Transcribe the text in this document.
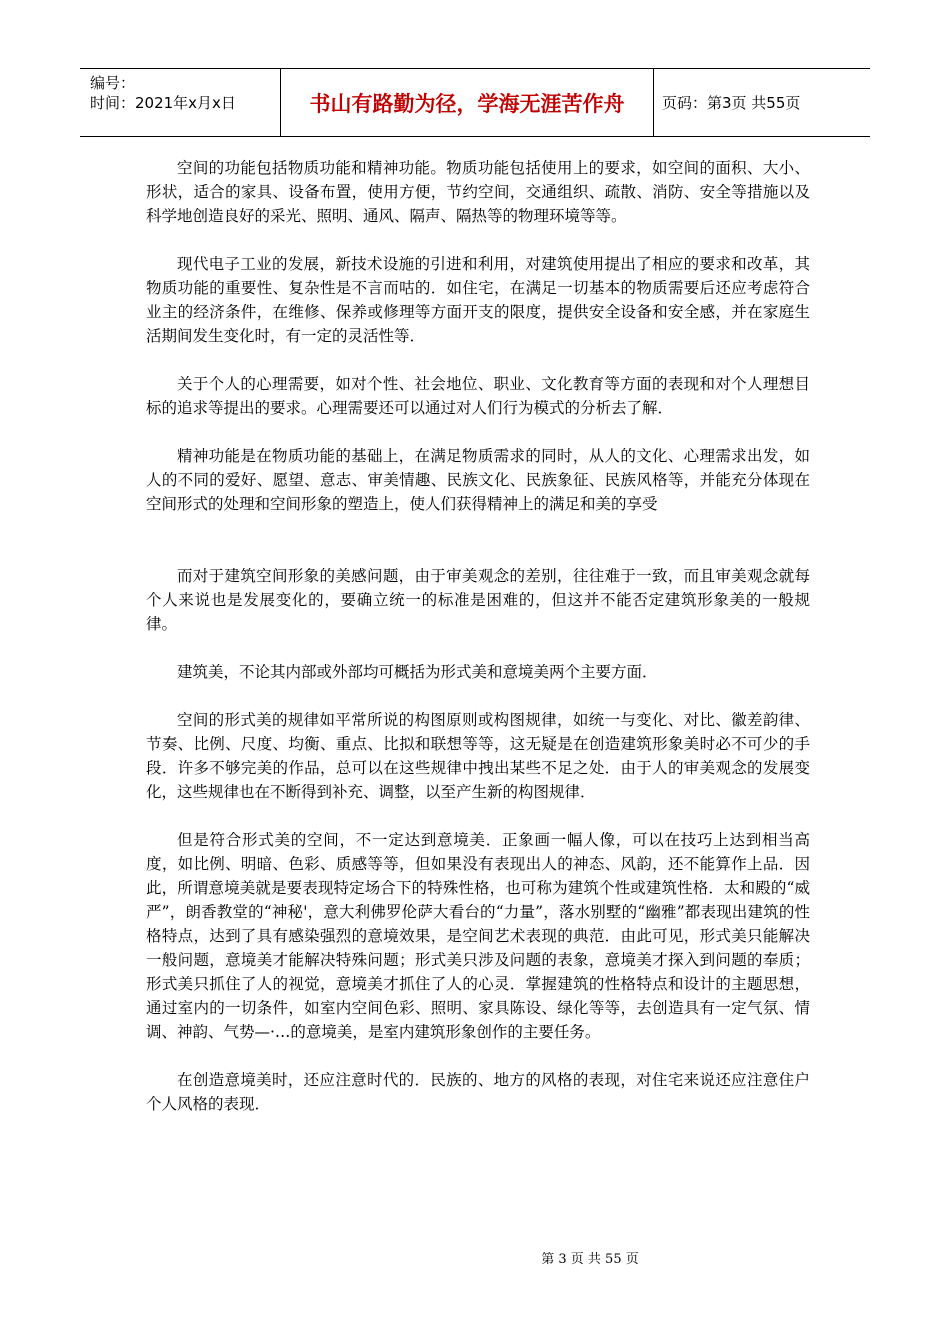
编号：
时间：2021年x月x日	书山有路勤为径，学海无涯苦作舟	页码：第3页 共55页

空间的功能包括物质功能和精神功能。物质功能包括使用上的要求，如空间的面积、大小、形状，适合的家具、设备布置，使用方便，节约空间，交通组织、疏散、消防、安全等措施以及科学地创造良好的采光、照明、通风、隔声、隔热等的物理环境等等。

现代电子工业的发展，新技术设施的引进和利用，对建筑使用提出了相应的要求和改革，其物质功能的重要性、复杂性是不言而咕的．如住宅，在满足一切基本的物质需要后还应考虑符合业主的经济条件，在维修、保养或修理等方面开支的限度，提供安全设备和安全感，并在家庭生活期间发生变化时，有一定的灵活性等．

关于个人的心理需要，如对个性、社会地位、职业、文化教育等方面的表现和对个人理想目标的追求等提出的要求。心理需要还可以通过对人们行为模式的分析去了解．

精神功能是在物质功能的基础上，在满足物质需求的同时，从人的文化、心理需求出发，如人的不同的爱好、愿望、意志、审美情趣、民族文化、民族象征、民族风格等，并能充分体现在空间形式的处理和空间形象的塑造上，使人们获得精神上的满足和美的享受

而对于建筑空间形象的美感问题，由于审美观念的差别，往往难于一致，而且审美观念就每个人来说也是发展变化的，要确立统一的标准是困难的，但这并不能否定建筑形象美的一般规律。

建筑美，不论其内部或外部均可概括为形式美和意境美两个主要方面．

空间的形式美的规律如平常所说的构图原则或构图规律，如统一与变化、对比、徽差韵律、节奏、比例、尺度、均衡、重点、比拟和联想等等，这无疑是在创造建筑形象美时必不可少的手段．许多不够完美的作品，总可以在这些规律中拽出某些不足之处．由于人的审美观念的发展变化，这些规律也在不断得到补充、调整，以至产生新的构图规律．

但是符合形式美的空间，不一定达到意境美．正象画一幅人像，可以在技巧上达到相当高度，如比例、明暗、色彩、质感等等，但如果没有表现出人的神态、风韵，还不能算作上品．因此，所谓意境美就是要表现特定场合下的特殊性格，也可称为建筑个性或建筑性格．太和殿的“威严”，朗香教堂的“神秘'，意大利佛罗伦萨大看台的“力量”，落水别墅的“幽雅”都表现出建筑的性格特点，达到了具有感染强烈的意境效果，是空间艺术表现的典范．由此可见，形式美只能解决一般问题，意境美才能解决特殊问题；形式美只涉及问题的表象，意境美才探入到问题的奉质；形式美只抓住了人的视觉，意境美才抓住了人的心灵．掌握建筑的性格特点和设计的主题思想，通过室内的一切条件，如室内空间色彩、照明、家具陈设、绿化等等，去创造具有一定气氛、情调、神韵、气势—·…的意境美，是室内建筑形象创作的主要任务。

在创造意境美时，还应注意时代的．民族的、地方的风格的表现，对住宅来说还应注意住户个人风格的表现．

第 3 页 共 55 页
